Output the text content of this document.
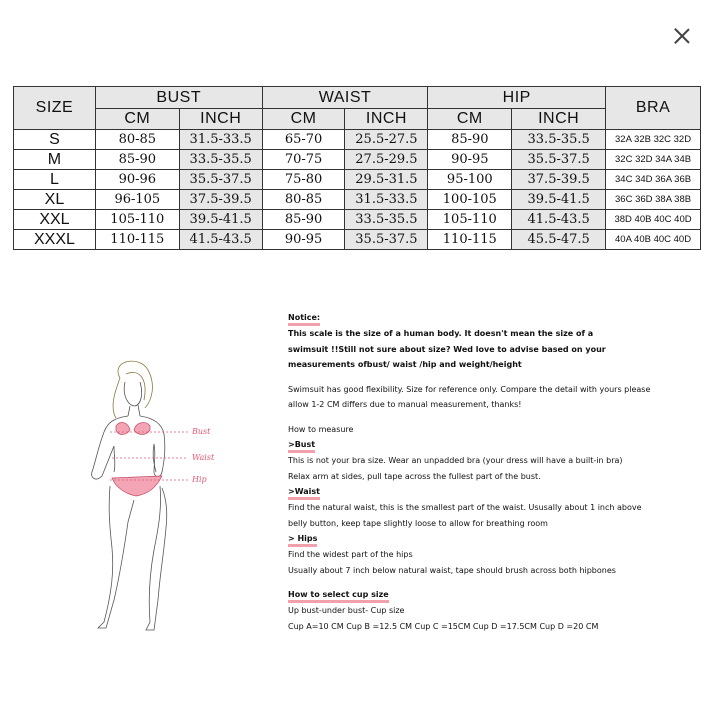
SIZE	BUST		WAIST		HIP		BRA
	CM	INCH	CM	INCH	CM	INCH	
S	80-85	31.5-33.5	65-70	25.5-27.5	85-90	33.5-35.5	32A 32B 32C 32D
M	85-90	33.5-35.5	70-75	27.5-29.5	90-95	35.5-37.5	32C 32D 34A 34B
L	90-96	35.5-37.5	75-80	29.5-31.5	95-100	37.5-39.5	34C 34D 36A 36B
XL	96-105	37.5-39.5	80-85	31.5-33.5	100-105	39.5-41.5	36C 36D 38A 38B
XXL	105-110	39.5-41.5	85-90	33.5-35.5	105-110	41.5-43.5	38D 40B 40C 40D
XXXL	110-115	41.5-43.5	90-95	35.5-37.5	110-115	45.5-47.5	40A 40B 40C 40D
Bust
Waist
Hip

Notice:

This scale is the size of a human body. It doesn't mean the size of a

swimsuit !!Still not sure about size? Wed love to advise based on your

measurements ofbust/ waist /hip and weight/height

Swimsuit has good flexibility. Size for reference only. Compare the detail with yours please

allow 1-2 CM differs due to manual measurement, thanks!

How to measure

>Bust

This is not your bra size. Wear an unpadded bra (your dress will have a built-in bra)

Relax arm at sides, pull tape across the fullest part of the bust.

>Waist

Find the natural waist, this is the smallest part of the waist. Ususally about 1 inch above

belly button, keep tape slightly loose to allow for breathing room

> Hips

Find the widest part of the hips

Usually about 7 inch below natural waist, tape should brush across both hipbones

How to select cup size

Up bust-under bust- Cup size

Cup A=10 CM Cup B =12.5 CM Cup C =15CM Cup D =17.5CM Cup D =20 CM
